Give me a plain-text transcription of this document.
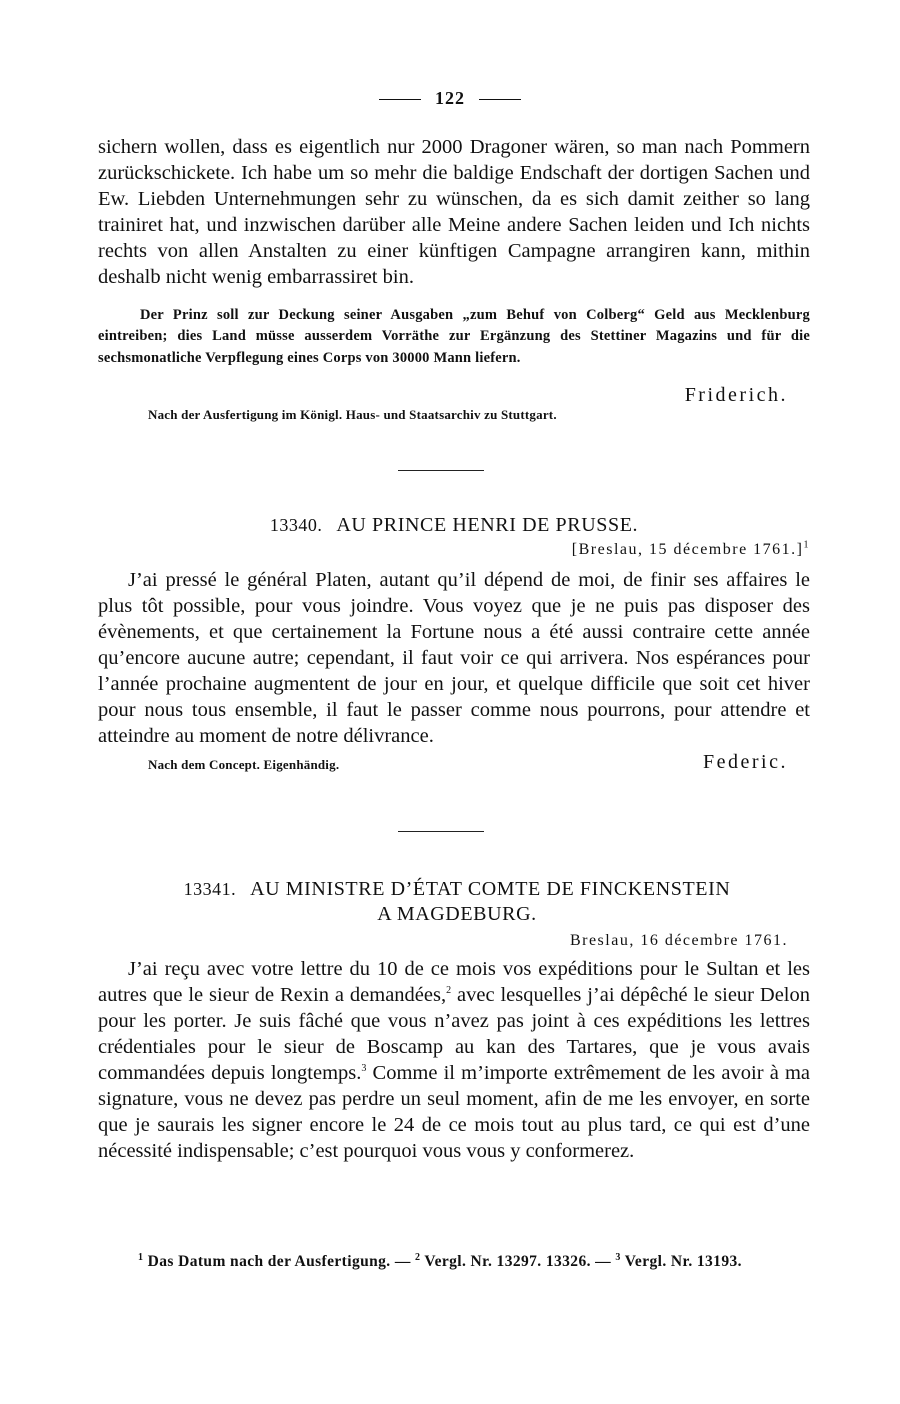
122

sichern wollen, dass es eigentlich nur 2000 Dragoner wären, so man nach Pommern zurückschickete. Ich habe um so mehr die baldige Endschaft der dortigen Sachen und Ew. Liebden Unternehmungen sehr zu wünschen, da es sich damit zeither so lang trainiret hat, und inzwischen darüber alle Meine andere Sachen leiden und Ich nichts rechts von allen Anstalten zu einer künftigen Campagne arrangiren kann, mithin deshalb nicht wenig embarrassiret bin.

Der Prinz soll zur Deckung seiner Ausgaben „zum Behuf von Colberg“ Geld aus Mecklenburg eintreiben; dies Land müsse ausserdem Vorräthe zur Ergänzung des Stettiner Magazins und für die sechsmonatliche Verpflegung eines Corps von 30000 Mann liefern.

Friderich.
Nach der Ausfertigung im Königl. Haus- und Staatsarchiv zu Stuttgart.
13340. AU PRINCE HENRI DE PRUSSE.
[Breslau, 15 décembre 1761.]$^1$

J’ai pressé le général Platen, autant qu’il dépend de moi, de finir ses affaires le plus tôt possible, pour vous joindre. Vous voyez que je ne puis pas disposer des évènements, et que certainement la Fortune nous a été aussi contraire cette année qu’encore aucune autre; cependant, il faut voir ce qui arrivera. Nos espérances pour l’année prochaine augmentent de jour en jour, et quelque difficile que soit cet hiver pour nous tous ensemble, il faut le passer comme nous pourrons, pour attendre et atteindre au moment de notre délivrance.

Nach dem Concept. Eigenhändig.	Federic.
13341. AU MINISTRE D’ÉTAT COMTE DE FINCKENSTEIN
A MAGDEBURG.
Breslau, 16 décembre 1761.

J’ai reçu avec votre lettre du 10 de ce mois vos expéditions pour le Sultan et les autres que le sieur de Rexin a demandées,$^2$ avec lesquelles j’ai dépêché le sieur Delon pour les porter. Je suis fâché que vous n’avez pas joint à ces expéditions les lettres crédentiales pour le sieur de Boscamp au kan des Tartares, que je vous avais commandées depuis longtemps.$^3$ Comme il m’importe extrêmement de les avoir à ma signature, vous ne devez pas perdre un seul moment, afin de me les envoyer, en sorte que je saurais les signer encore le 24 de ce mois tout au plus tard, ce qui est d’une nécessité indispensable; c’est pourquoi vous vous y conformerez.

$^1$ Das Datum nach der Ausfertigung. — $^2$ Vergl. Nr. 13297. 13326. — $^3$ Vergl. Nr. 13193.
